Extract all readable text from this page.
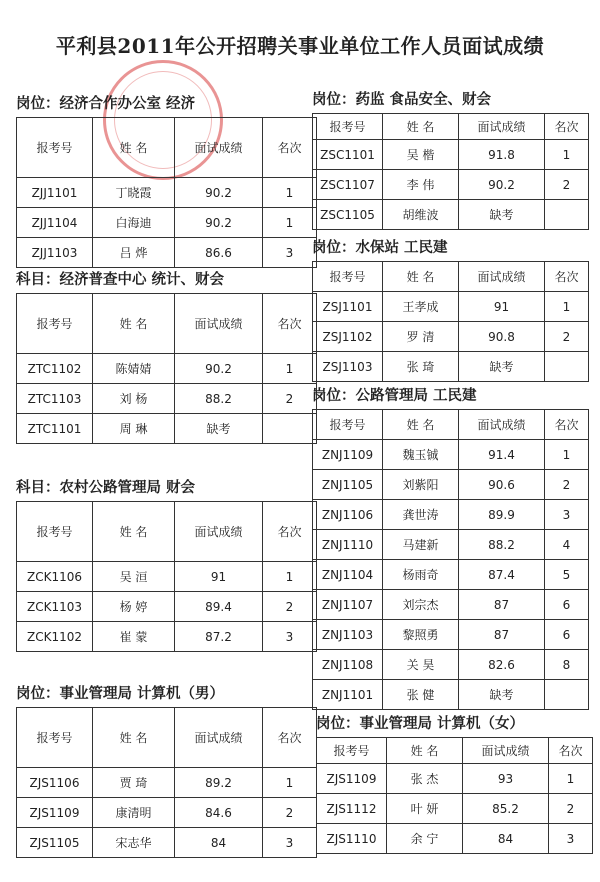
平利县2011年公开招聘关事业单位工作人员面试成绩
岗位：经济合作办公室 经济
报考号	姓 名	面试成绩	名次
ZJJ1101	丁晓霞	90.2	1
ZJJ1104	白海迪	90.2	1
ZJJ1103	吕 烨	86.6	3
科目：经济普查中心 统计、财会
报考号	姓 名	面试成绩	名次
ZTC1102	陈婧婧	90.2	1
ZTC1103	刘 杨	88.2	2
ZTC1101	周 琳	缺考	
科目：农村公路管理局 财会
报考号	姓 名	面试成绩	名次
ZCK1106	吴 洹	91	1
ZCK1103	杨 婷	89.4	2
ZCK1102	崔 蒙	87.2	3
岗位：事业管理局 计算机（男）
报考号	姓 名	面试成绩	名次
ZJS1106	贾 琦	89.2	1
ZJS1109	康清明	84.6	2
ZJS1105	宋志华	84	3
岗位：药监 食品安全、财会
报考号	姓 名	面试成绩	名次
ZSC1101	吴 楷	91.8	1
ZSC1107	李 伟	90.2	2
ZSC1105	胡维波	缺考	
岗位：水保站 工民建
报考号	姓 名	面试成绩	名次
ZSJ1101	王孝成	91	1
ZSJ1102	罗 清	90.8	2
ZSJ1103	张 琦	缺考	
岗位：公路管理局 工民建
报考号	姓 名	面试成绩	名次
ZNJ1109	魏玉铖	91.4	1
ZNJ1105	刘紫阳	90.6	2
ZNJ1106	龚世涛	89.9	3
ZNJ1110	马建新	88.2	4
ZNJ1104	杨雨奇	87.4	5
ZNJ1107	刘宗杰	87	6
ZNJ1103	黎照勇	87	6
ZNJ1108	关 昊	82.6	8
ZNJ1101	张 健	缺考	
岗位：事业管理局 计算机（女）
报考号	姓 名	面试成绩	名次
ZJS1109	张 杰	93	1
ZJS1112	叶 妍	85.2	2
ZJS1110	余 宁	84	3
